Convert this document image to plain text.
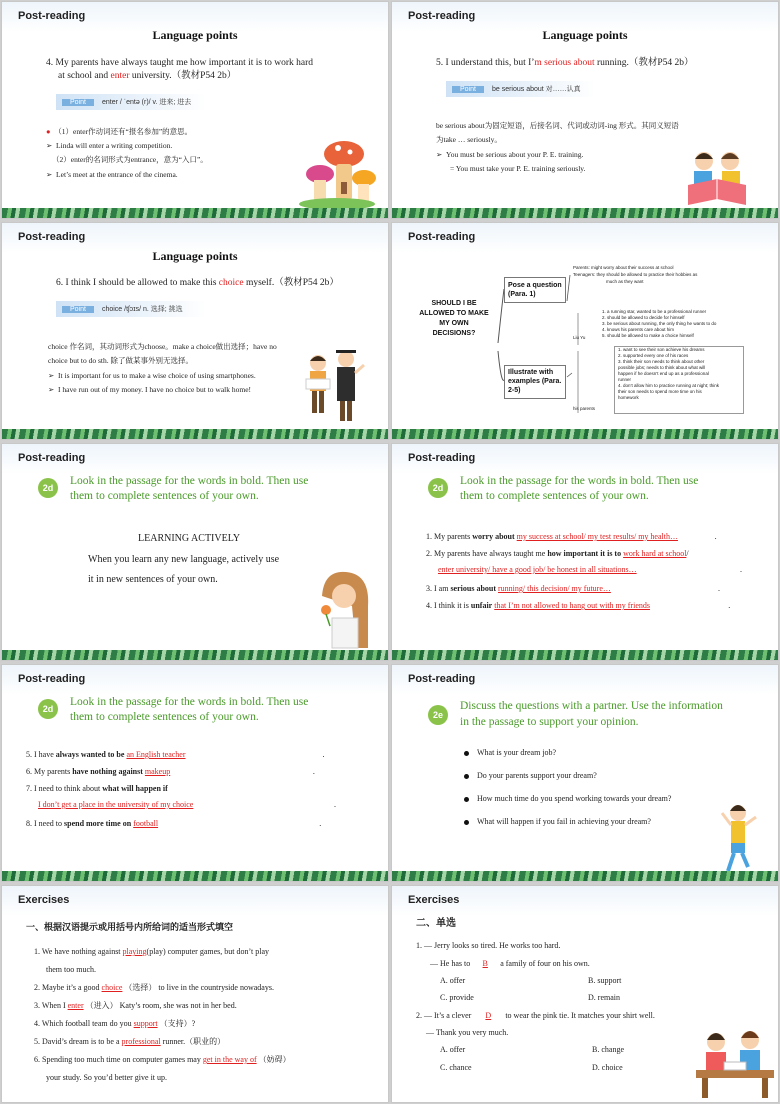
Post-reading
Language points
4. My parents have always taught me how important it is to work hard
at school and enter university.（教材P54 2b）
Point enter / ˈentə (r)/ v. 进来; 进去
● （1）enter作动词还有“报名参加”的意思。
➢  Linda will enter a writing competition.
（2）enter的名词形式为entrance，意为“入口”。
➢  Let’s meet at the entrance of the cinema.
Post-reading
Language points
5. I understand this, but I’m serious about running.（教材P54 2b）
Point be serious about 对……认真
be serious about为固定短语，后接名词、代词或动词-ing 形式。其同义短语
为take … seriously。
➢  You must be serious about your P. E. training.
= You must take your P. E. training seriously.
Post-reading
Language points
6. I think I should be allowed to make this choice myself.（教材P54 2b）
Point choice /tʃɔɪs/ n. 选择; 挑选
choice 作名词，其动词形式为choose。make a choice做出选择；have no
choice but to do sth. 除了做某事外别无选择。
➢  It is important for us to make a wise choice of using smartphones.
➢  I have run out of my money. I have no choice but to walk home!
Post-reading
SHOULD I BE ALLOWED TO MAKE MY OWN DECISIONS?
Pose a question (Para. 1)
Illustrate with examples (Para. 2-5)
Parents: might worry about their success at school
Teenagers: they should be allowed to practice their hobbies as
much as they want
Liu Yu
1. a running star, wanted to be a professional runner
2. should be allowed to decide for himself
3. be serious about running, the only thing he wants to do
4. knows his parents care about him
5. should be allowed to make a choice himself
1. want to see their son achieve his dreams
2. supported every one of his races
3. think their son needs to think about other
possible jobs; needs to think about what will
happen if he doesn’t end up as a professional
runner
4. don’t allow him to practice running at night; think
their son needs to spend more time on his
homework
his parents
Post-reading
2d
Look in the passage for the words in bold. Then use
them to complete sentences of your own.
LEARNING ACTIVELY
When you learn any new language, actively use
it in new sentences of your own.
Post-reading
2d
Look in the passage for the words in bold. Then use
them to complete sentences of your own.
1. My parents worry about my success at school/ my test results/ my health…	.
2. My parents have always taught me how important it is to work hard at school/
enter university/ have a good job/ be honest in all situations…	.
3. I am serious about running/ this decision/ my future…	.
4. I think it is unfair that I’m not allowed to hang out with my friends	.
Post-reading
2d
Look in the passage for the words in bold. Then use
them to complete sentences of your own.
5. I have always wanted to be an English teacher	.
6. My parents have nothing against makeup	.
7. I need to think about what will happen if
I don’t get a place in the university of my choice	.
8. I need to spend more time on football	.
Post-reading
2e
Discuss the questions with a partner. Use the information
in the passage to support your opinion.
What is your dream job?
Do your parents support your dream?
How much time do you spend working towards your dream?
What will happen if you fail in achieving your dream?
Exercises
一、根据汉语提示或用括号内所给词的适当形式填空
1. We have nothing against playing(play) computer games, but don’t play
them too much.
2. Maybe it’s a good choice （选择） to live in the countryside nowadays.
3. When I enter （进入） Katy’s room, she was not in her bed.
4. Which football team do you support （支持）?
5. David’s dream is to be a professional runner.（职业的）
6. Spending too much time on computer games may get in the way of （妨碍）
your study. So you’d better give it up.
Exercises
二、单选
1. — Jerry looks so tired. He works too hard.
— He has to B a family of four on his own.
A. offer	B. support
C. provide	D. remain
2. — It’s a clever D to wear the pink tie. It matches your shirt well.
— Thank you very much.
A. offer	B. change
C. chance	D. choice
